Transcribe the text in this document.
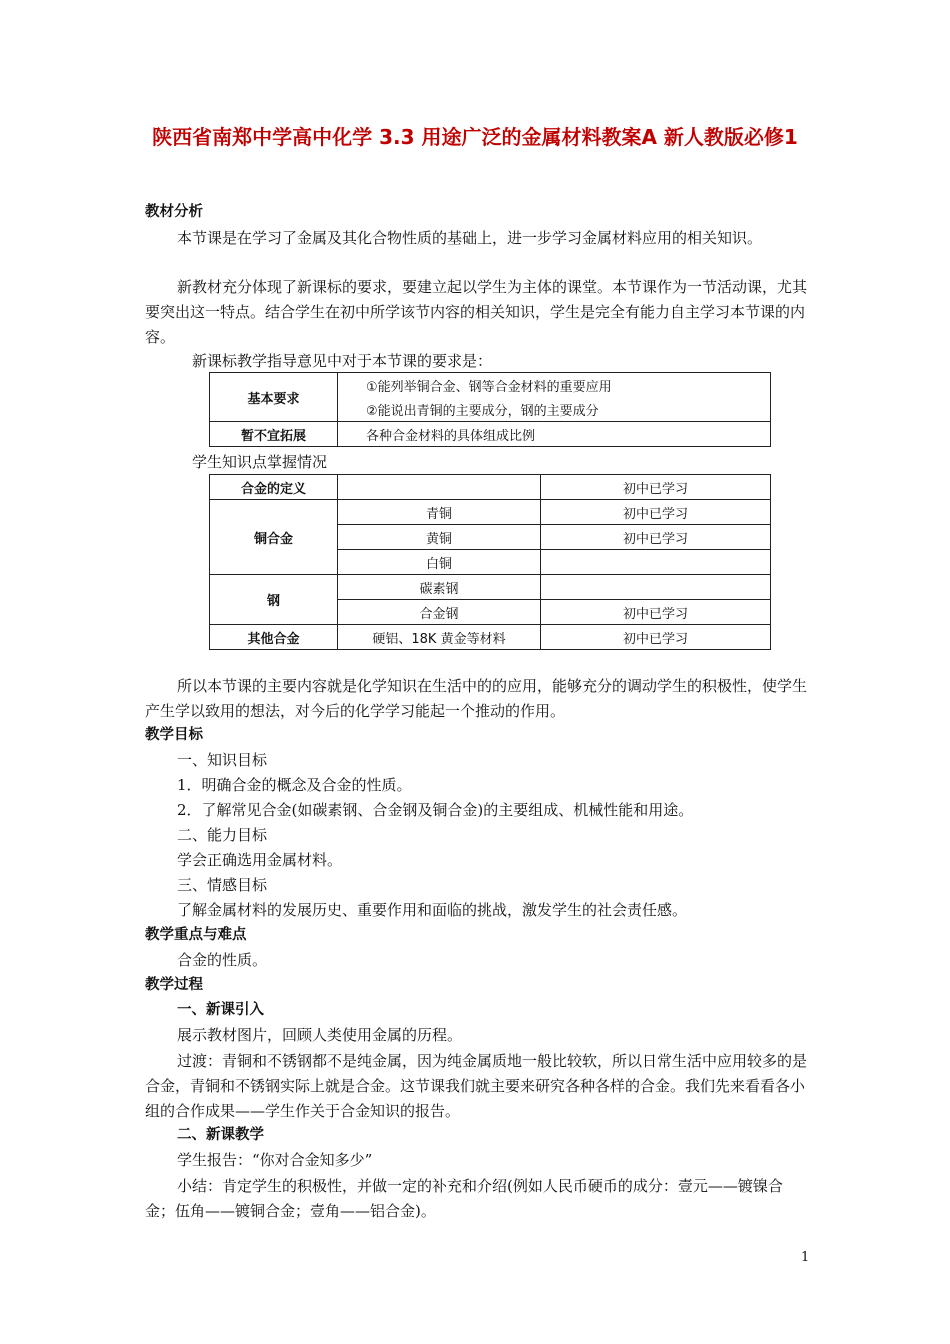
陕西省南郑中学高中化学 3.3 用途广泛的金属材料教案A 新人教版必修1
教材分析
本节课是在学习了金属及其化合物性质的基础上，进一步学习金属材料应用的相关知识。
新教材充分体现了新课标的要求，要建立起以学生为主体的课堂。本节课作为一节活动课，尤其要突出这一特点。结合学生在初中所学该节内容的相关知识，学生是完全有能力自主学习本节课的内容。
新课标教学指导意见中对于本节课的要求是：
基本要求	①能列举铜合金、钢等合金材料的重要应用
	②能说出青铜的主要成分，钢的主要成分
暂不宜拓展	各种合金材料的具体组成比例
学生知识点掌握情况
合金的定义		初中已学习
铜合金	青铜	初中已学习
	黄铜	初中已学习
	白铜	
钢	碳素钢	
	合金钢	初中已学习
其他合金	硬铝、18K 黄金等材料	初中已学习
所以本节课的主要内容就是化学知识在生活中的的应用，能够充分的调动学生的积极性，使学生产生学以致用的想法，对今后的化学学习能起一个推动的作用。
教学目标
一、知识目标
1．明确合金的概念及合金的性质。
2．了解常见合金(如碳素钢、合金钢及铜合金)的主要组成、机械性能和用途。
二、能力目标
学会正确选用金属材料。
三、情感目标
了解金属材料的发展历史、重要作用和面临的挑战，激发学生的社会责任感。
教学重点与难点
合金的性质。
教学过程
一、新课引入
展示教材图片，回顾人类使用金属的历程。
过渡：青铜和不锈钢都不是纯金属，因为纯金属质地一般比较软，所以日常生活中应用较多的是合金，青铜和不锈钢实际上就是合金。这节课我们就主要来研究各种各样的合金。我们先来看看各小组的合作成果——学生作关于合金知识的报告。
二、新课教学
学生报告：“你对合金知多少”
小结：肯定学生的积极性，并做一定的补充和介绍(例如人民币硬币的成分：壹元——镀镍合金；伍角——镀铜合金；壹角——铝合金)。
1
